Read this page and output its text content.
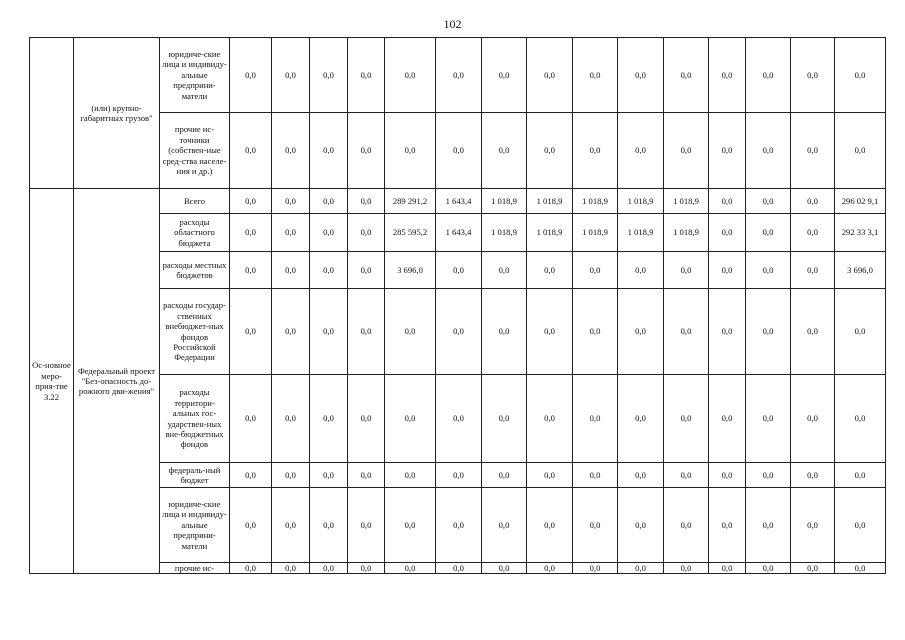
102
	(или) крупно-габаритных грузов"	юридиче-ские лица и индивиду-альные предприни-матели	0,0	0,0	0,0	0,0	0,0	0,0	0,0	0,0	0,0	0,0	0,0	0,0	0,0	0,0	0,0
		прочие ис-точники (собствен-ные сред-ства населе-ния и др.)	0,0	0,0	0,0	0,0	0,0	0,0	0,0	0,0	0,0	0,0	0,0	0,0	0,0	0,0	0,0
Ос-новное меро-прия-тие 3.22	Федеральный проект "Без-опасность до-рожного дви-жения"	Всего	0,0	0,0	0,0	0,0	289 291,2	1 643,4	1 018,9	1 018,9	1 018,9	1 018,9	1 018,9	0,0	0,0	0,0	296 02 9,1
		расходы областного бюджета	0,0	0,0	0,0	0,0	285 595,2	1 643,4	1 018,9	1 018,9	1 018,9	1 018,9	1 018,9	0,0	0,0	0,0	292 33 3,1
		расходы местных бюджетов	0,0	0,0	0,0	0,0	3 696,0	0,0	0,0	0,0	0,0	0,0	0,0	0,0	0,0	0,0	3 696,0
		расходы государ-ственных внебюджет-ных фондов Российской Федерации	0,0	0,0	0,0	0,0	0,0	0,0	0,0	0,0	0,0	0,0	0,0	0,0	0,0	0,0	0,0
		расходы территори-альных гос-ударствен-ных вне-бюджетных фондов	0,0	0,0	0,0	0,0	0,0	0,0	0,0	0,0	0,0	0,0	0,0	0,0	0,0	0,0	0,0
		федераль-ный бюджет	0,0	0,0	0,0	0,0	0,0	0,0	0,0	0,0	0,0	0,0	0,0	0,0	0,0	0,0	0,0
		юридиче-ские лица и индивиду-альные предприни-матели	0,0	0,0	0,0	0,0	0,0	0,0	0,0	0,0	0,0	0,0	0,0	0,0	0,0	0,0	0,0
		прочие ис-	0,0	0,0	0,0	0,0	0,0	0,0	0,0	0,0	0,0	0,0	0,0	0,0	0,0	0,0	0,0
